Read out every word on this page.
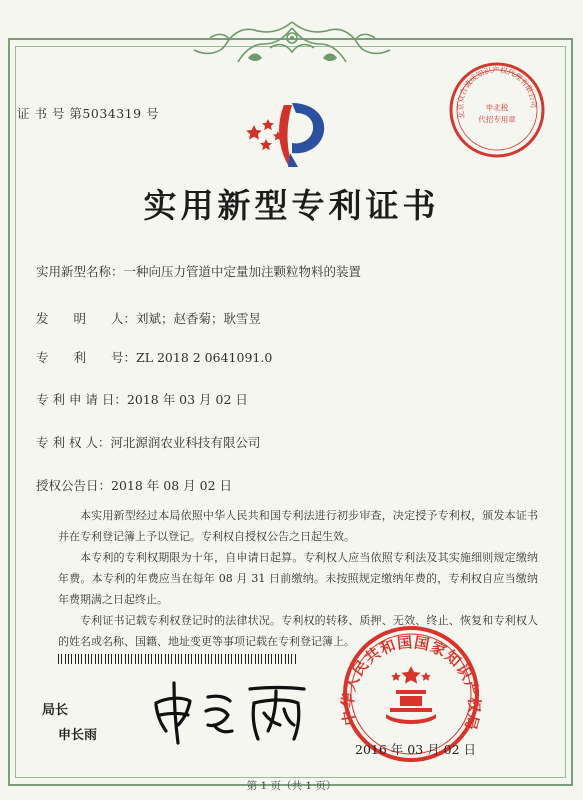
证 书 号 第5034319 号	北京众合诚成知识产权代理有限公司
申北税
代招专用章
实用新型专利证书
实用新型名称：一种向压力管道中定量加注颗粒物料的装置
发　　明　　人：刘斌；赵香菊；耿雪昱
专　　利　　号：ZL 2018 2 0641091.0
专 利 申 请 日：2018 年 03 月 02 日
专 利 权 人：河北源润农业科技有限公司
授权公告日：2018 年 08 月 02 日

本实用新型经过本局依照中华人民共和国专利法进行初步审查，决定授予专利权，颁发本证书并在专利登记簿上予以登记。专利权自授权公告之日起生效。

本专利的专利权期限为十年，自申请日起算。专利权人应当依照专利法及其实施细则规定缴纳年费。本专利的年费应当在每年 08 月 31 日前缴纳。未按照规定缴纳年费的，专利权自应当缴纳年费期满之日起终止。

专利证书记载专利权登记时的法律状况。专利权的转移、质押、无效、终止、恢复和专利权人的姓名或名称、国籍、地址变更等事项记载在专利登记簿上。

局长
申长雨
中华人民共和国国家知识产权局
2016 年 03 月 02 日
第 1 页（共 1 页）
